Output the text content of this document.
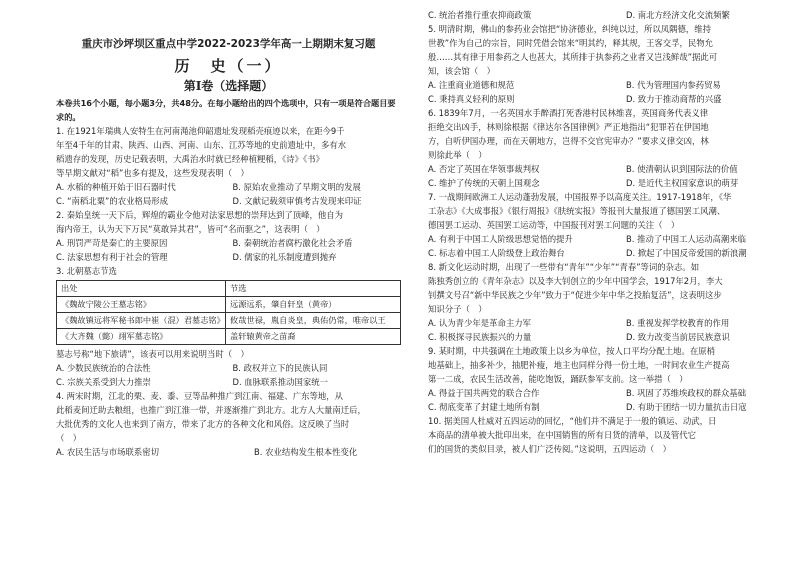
重庆市沙坪坝区重点中学2022-2023学年高一上期期末复习题
历　史（一）
第Ⅰ卷（选择题）
本卷共16个小题，每小题3分，共48分。在每小题给出的四个选项中，只有一项是符合题目要求的。
1. 在1921年瑞典人安特生在河南渑池仰韶遗址发现稻壳痕迹以来，在距今9千
年至4千年的甘肃、陕西、山西、河南、山东、江苏等地的史前遗址中，多有水
稻遗存的发现，历史记载表明，大禹治水时就已经种植粳稻，《诗》《书》
等早期文献对“稻”也多有提及，这些发现表明（　）
A. 水稻的种植开始于旧石器时代	B. 原始农业推动了早期文明的发展
C. “南稻北粟”的农业格局形成	D. 文献记载须审慎考古发现来印证
2. 秦始皇统一天下后，辉煌的霸业令他对法家思想的崇拜达到了顶峰，他自为
海内帝王，认为天下万民“莫敢异其君”，皆可“名而驱之”，这表明（　）
A. 刑罚严苛是秦亡的主要原因	B. 秦朝统治者腐朽激化社会矛盾
C. 法家思想有利于社会的管理	D. 儒家的礼乐制度遭到抛弃
3. 北朝墓志节选
出处	节选
《魏故宁陵公王墓志铭》	远源远系，肇自轩皇（黄帝）
《魏故镇远将军秘书郎中崔（混）君墓志铭》	攸哉世禄，胤自炎皇，典佑仍常，唯帝以王
《大齐魏（懿）翊军墓志铭》	盖轩辕黄帝之苗裔
墓志号称“地下旅请”，该表可以用来说明当时（　）
A. 少数民族统治的合法性	B. 政权并立下的民族认同
C. 宗族关系受到大力推崇	D. 血脉联系推动国家统一
4. 两宋时期，江北的栗、麦、黍、豆等品种推广到江南、福建、广东等地，从
此稻麦间迁助去粮组，也推广到江淮一带，并逐渐推广到北方。北方人大量南迁后，
大批优秀的文化人也来到了南方，带来了北方的各种文化和风俗。这反映了当时
（　）
A. 农民生活与市场联系密切	B. 农业结构发生根本性变化
C. 统治者推行重农抑商政策	D. 南北方经济文化交流频繁
5. 明清时期，佛山的参药业会馆把“协济德业，纠纯以过，所以凤隅德，维持
世教”作为自己的宗旨，同时凭借会馆来“明其约，释其规，王客交孚，民物允
般……其有律于用参药之人也甚大，其所排于执参药之业者又岂浅鲜哉”据此可
知，该会馆（　）
A. 注重商业道德和规范	B. 代为管理国内参药贸易
C. 秉持真义轻利的原则	D. 致力于推动商帮的兴盛
6. 1839年7月，一名英国水手醉酒打死香港村民林维喜，英国商务代表义律
拒绝交出凶手，林则徐根据《律达尔各国律例》严正地指出“犯罪若在伊国地
方，自听伊国办理，而在天朝地方，岂得不交官宪审办？”要求义律交凶，林
则徐此举（　）
A. 否定了英国在华领事裁判权	B. 使清朝认识到国际法的价值
C. 维护了传统的天朝上国观念	D. 是近代主权国家意识的萌芽
7. 一战期间欧洲工人运动蓬勃发展，中国报界予以高度关注。1917-1918年，《华
工杂志》《大成事报》《银行周报》《肤统实报》等报刊大量报道了德国罢工风潮、
德国罢工运动、英国罢工运动等，中国报刊对罢工问题的关注（　）
A. 有利于中国工人阶级思想觉悟的提升	B. 推动了中国工人运动高潮来临
C. 标志着中国工人阶级登上政治舞台	D. 掀起了中国反帝爱国的新浪潮
8. 新文化运动时期，出现了一些带有“青年”“少年”“青春”等词的杂志。如
陈独秀创立的《青年杂志》以及李大钊创立的少年中国学会，1917年2月，李大
钊撰文号召“新中华民族之少年”致力于“促进少年中华之投胎复活”，这表明这步
知识分子（　）
A. 认为青少年是革命主力军	B. 重视发挥学校教育的作用
C. 积极探寻民族振兴的力量	D. 致力改变当前居民族意识
9. 某时期，中共强调在土地政策上以乡为单位，按人口平均分配土地。在原梢
地基础上，抽多补少，抽肥补瘦，地主也同样分得一份土地，一时间农业生产提高
第一二成，农民生活改善，能吃饱饭，踊跃参军支前。这一举措（　）
A. 得益于国共两党的联合合作	B. 巩固了苏维埃政权的群众基础
C. 彻底变革了封建土地所有制	D. 有助于团结一切力量抗击日寇
10. 据美国人杜威对五四运动的回忆，“他们并不满足于一般的镇运、动武，日
本商品的清单被大批印出来，在中国销售的所有日货的清单，以及管代它
们的国货的类似目录，被人们广泛传阅。”这说明，五四运动（　）
